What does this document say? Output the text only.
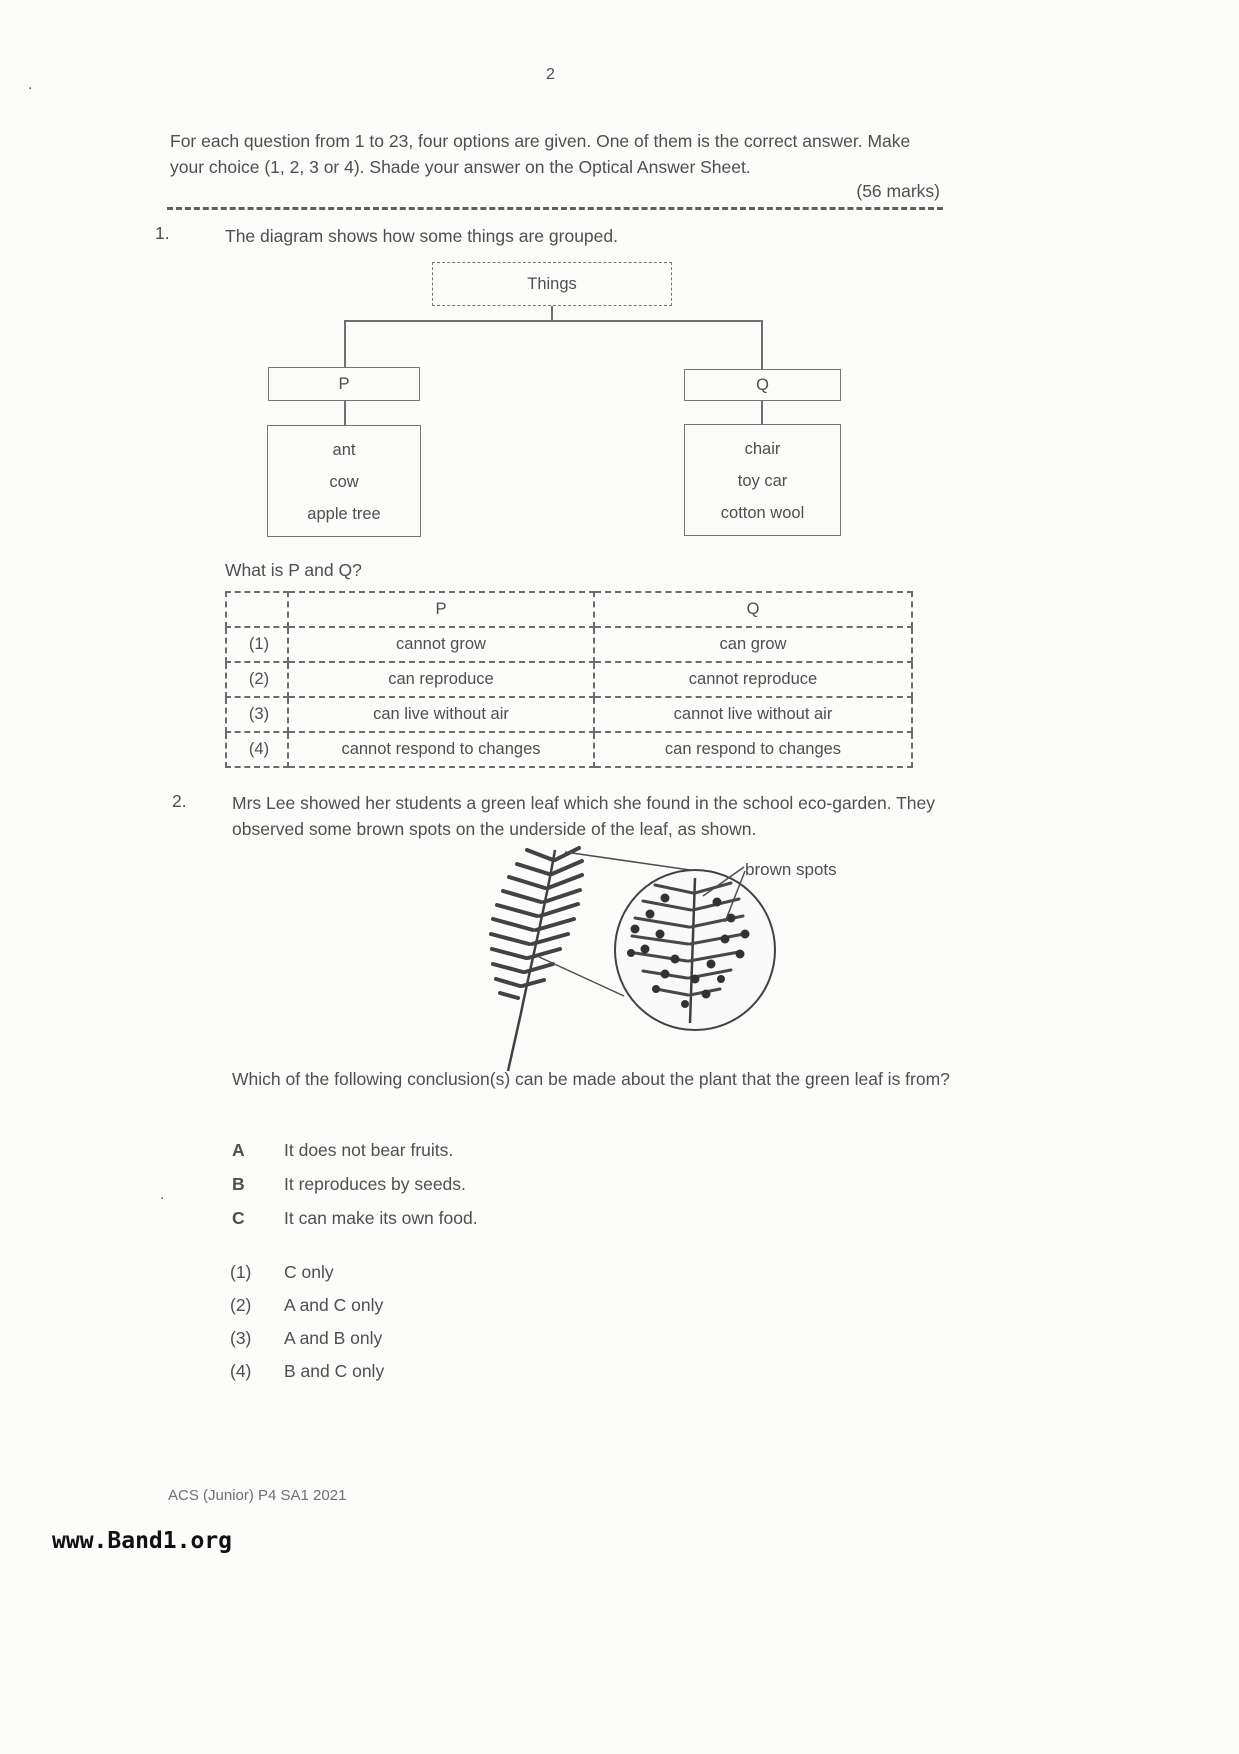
.
.
2
For each question from 1 to 23, four options are given. One of them is the correct answer. Make your choice (1, 2, 3 or 4). Shade your answer on the Optical Answer Sheet.
(56 marks)
1.	The diagram shows how some things are grouped.
Things
P	Q
ant
cow
apple tree
chair
toy car
cotton wool
What is P and Q?
	P	Q
(1)	cannot grow	can grow
(2)	can reproduce	cannot reproduce
(3)	can live without air	cannot live without air
(4)	cannot respond to changes	can respond to changes
2.	Mrs Lee showed her students a green leaf which she found in the school eco-garden. They observed some brown spots on the underside of the leaf, as shown.
brown spots
Which of the following conclusion(s) can be made about the plant that the green leaf is from?
A	It does not bear fruits.
B	It reproduces by seeds.
C	It can make its own food.
(1)	C only
(2)	A and C only
(3)	A and B only
(4)	B and C only
ACS (Junior) P4 SA1 2021
www.Band1.org
